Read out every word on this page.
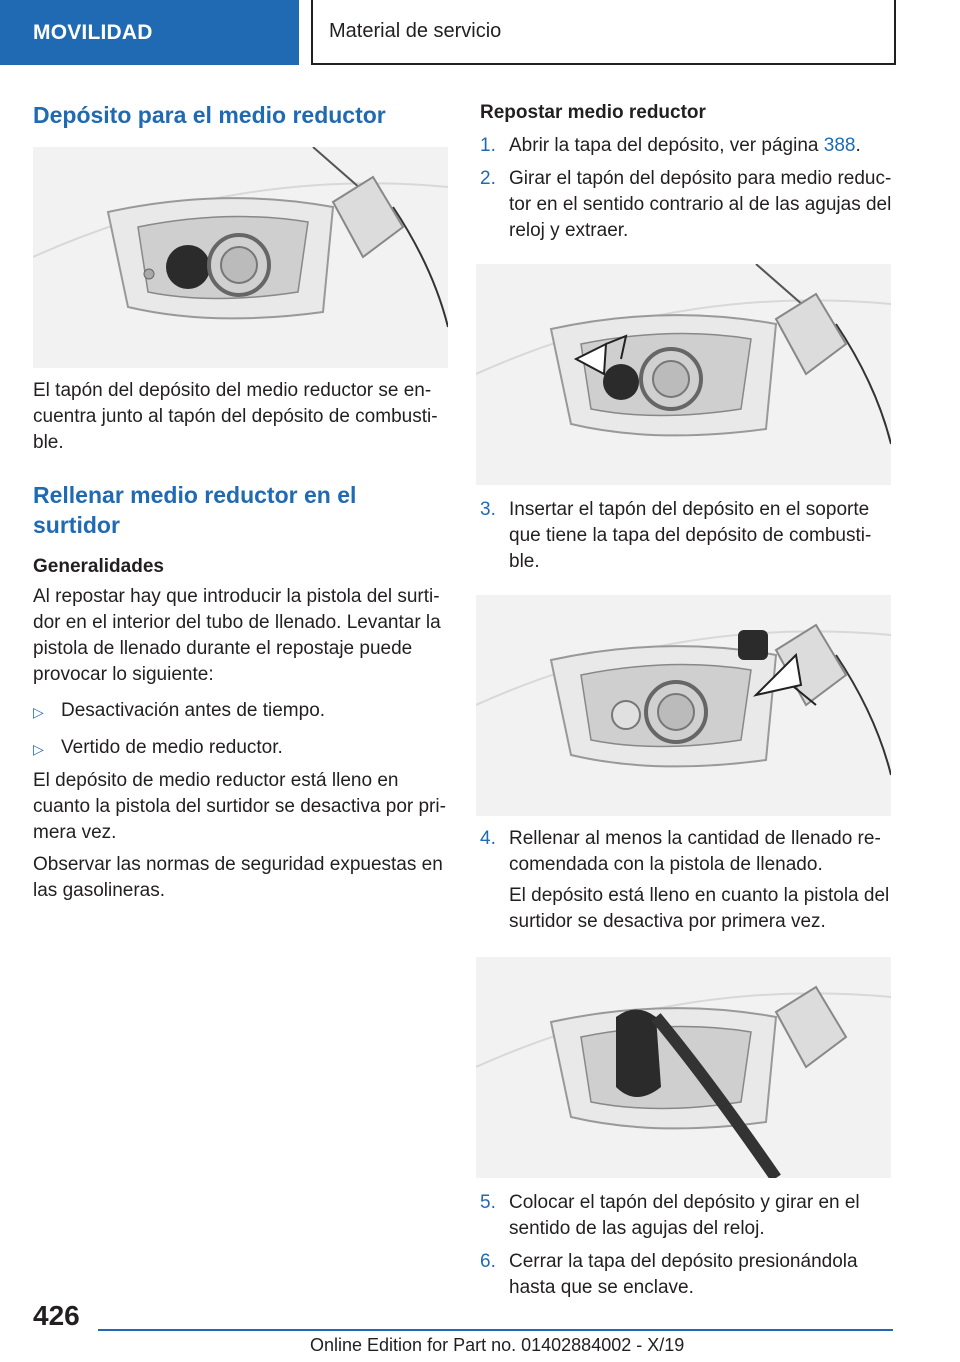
MOVILIDAD	Material de servicio
Depósito para el medio reductor

El tapón del depósito del medio reductor se en-cuentra junto al tapón del depósito de combusti-ble.

Rellenar medio reductor en el surtidor
Generalidades

Al repostar hay que introducir la pistola del surti-dor en el interior del tubo de llenado. Levantar la pistola de llenado durante el repostaje puede provocar lo siguiente:

▷ Desactivación antes de tiempo.
▷ Vertido de medio reductor.

El depósito de medio reductor está lleno en cuanto la pistola del surtidor se desactiva por pri-mera vez.

Observar las normas de seguridad expuestas en las gasolineras.

Repostar medio reductor
1. Abrir la tapa del depósito, ver página 388.
2. Girar el tapón del depósito para medio reduc-tor en el sentido contrario al de las agujas del reloj y extraer.
3. Insertar el tapón del depósito en el soporte que tiene la tapa del depósito de combusti-ble.
4. Rellenar al menos la cantidad de llenado re-comendada con la pistola de llenado.
El depósito está lleno en cuanto la pistola del surtidor se desactiva por primera vez.
5. Colocar el tapón del depósito y girar en el sentido de las agujas del reloj.
6. Cerrar la tapa del depósito presionándola hasta que se enclave.
426
Online Edition for Part no. 01402884002 - X/19
